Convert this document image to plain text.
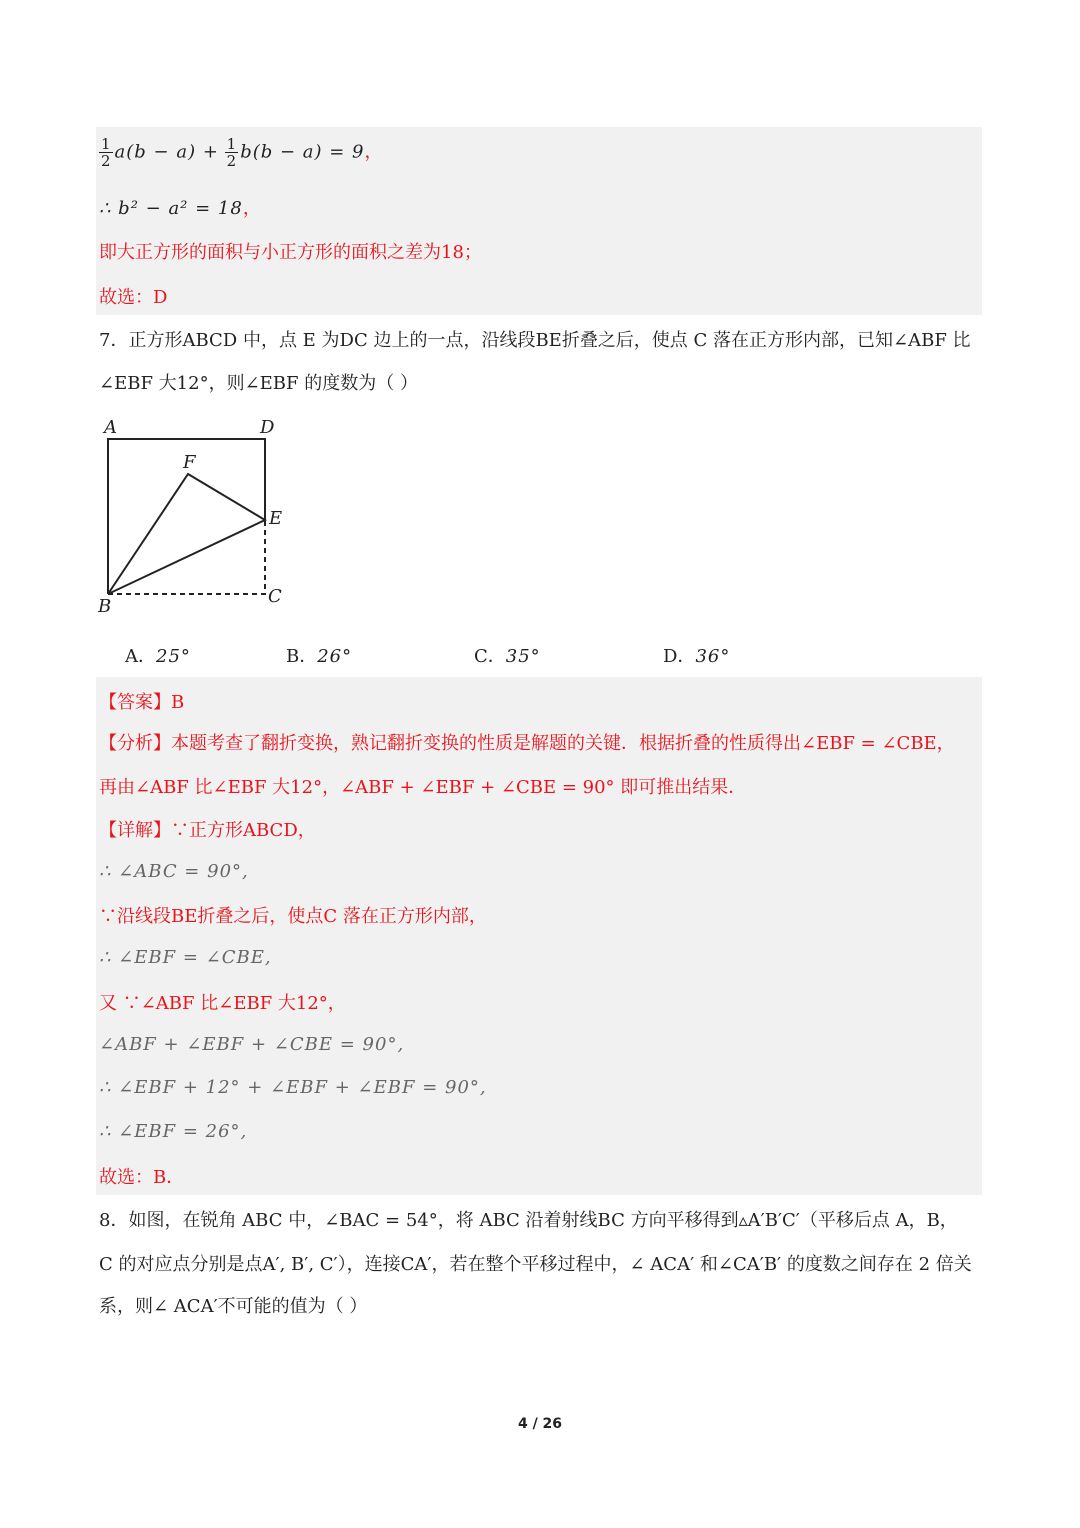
$\frac{1}{2} a(b - a) + \frac{1}{2} b(b - a) = 9$，
∴ b² − a² = 18，
即大正方形的面积与小正方形的面积之差为18；
故选：D
7．正方形ABCD 中，点 E 为DC 边上的一点，沿线段BE折叠之后，使点 C 落在正方形内部，已知∠ABF 比
∠EBF 大12°，则∠EBF 的度数为（ ）
A	D
F
E
B	C
A．25°	B．26°	C．35°	D．36°
【答案】B
【分析】本题考查了翻折变换，熟记翻折变换的性质是解题的关键．根据折叠的性质得出∠EBF = ∠CBE，
再由∠ABF 比∠EBF 大12°，∠ABF + ∠EBF + ∠CBE = 90° 即可推出结果．
【详解】∵正方形ABCD，
∴ ∠ABC = 90°,
∵沿线段BE折叠之后，使点C 落在正方形内部，
∴ ∠EBF = ∠CBE,
又 ∵∠ABF 比∠EBF 大12°，
∠ABF + ∠EBF + ∠CBE = 90°,
∴ ∠EBF + 12° + ∠EBF + ∠EBF = 90°,
∴ ∠EBF = 26°,
故选：B．
8．如图，在锐角 ABC 中，∠BAC = 54°，将 ABC 沿着射线BC 方向平移得到▵A′B′C′（平移后点 A，B，
C 的对应点分别是点A′, B′, C′），连接CA′，若在整个平移过程中，∠ ACA′ 和∠CA′B′ 的度数之间存在 2 倍关
系，则∠ ACA′不可能的值为（ ）
4 / 26
